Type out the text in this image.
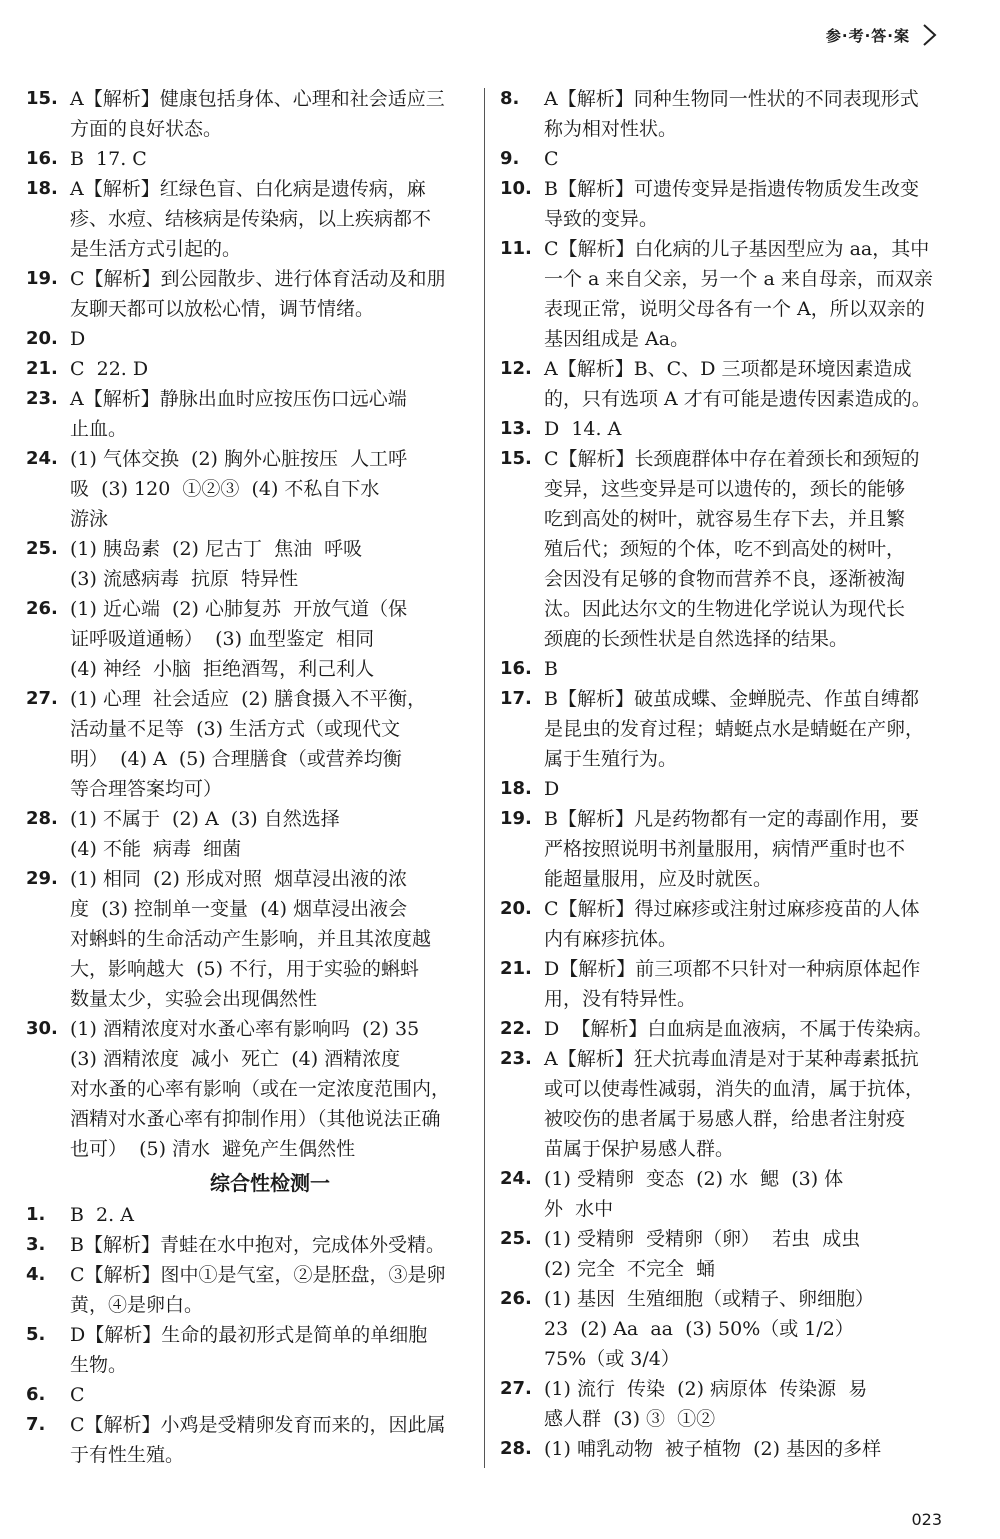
参·考·答·案
15. A【解析】健康包括身体、心理和社会适应三
方面的良好状态。
16. B  17. C
18. A【解析】红绿色盲、白化病是遗传病，麻
疹、水痘、结核病是传染病，以上疾病都不
是生活方式引起的。
19. C【解析】到公园散步、进行体育活动及和朋
友聊天都可以放松心情，调节情绪。
20. D
21. C  22. D
23. A【解析】静脉出血时应按压伤口远心端
止血。
24. (1) 气体交换  (2) 胸外心脏按压  人工呼
吸  (3) 120  ①②③  (4) 不私自下水
游泳
25. (1) 胰岛素  (2) 尼古丁  焦油  呼吸
(3) 流感病毒  抗原  特异性
26. (1) 近心端  (2) 心肺复苏  开放气道（保
证呼吸道通畅）  (3) 血型鉴定  相同
(4) 神经  小脑  拒绝酒驾，利己利人
27. (1) 心理  社会适应  (2) 膳食摄入不平衡，
活动量不足等  (3) 生活方式（或现代文
明）  (4) A  (5) 合理膳食（或营养均衡
等合理答案均可）
28. (1) 不属于  (2) A  (3) 自然选择
(4) 不能  病毒  细菌
29. (1) 相同  (2) 形成对照  烟草浸出液的浓
度  (3) 控制单一变量  (4) 烟草浸出液会
对蝌蚪的生命活动产生影响，并且其浓度越
大，影响越大  (5) 不行，用于实验的蝌蚪
数量太少，实验会出现偶然性
30. (1) 酒精浓度对水蚤心率有影响吗  (2) 35
(3) 酒精浓度  减小  死亡  (4) 酒精浓度
对水蚤的心率有影响（或在一定浓度范围内，
酒精对水蚤心率有抑制作用）（其他说法正确
也可）  (5) 清水  避免产生偶然性
综合性检测一
1. B  2. A
3. B【解析】青蛙在水中抱对，完成体外受精。
4. C【解析】图中①是气室，②是胚盘，③是卵
黄，④是卵白。
5. D【解析】生命的最初形式是简单的单细胞
生物。
6. C
7. C【解析】小鸡是受精卵发育而来的，因此属
于有性生殖。
8. A【解析】同种生物同一性状的不同表现形式
称为相对性状。
9. C
10. B【解析】可遗传变异是指遗传物质发生改变
导致的变异。
11. C【解析】白化病的儿子基因型应为 aa，其中
一个 a 来自父亲，另一个 a 来自母亲，而双亲
表现正常，说明父母各有一个 A，所以双亲的
基因组成是 Aa。
12. A【解析】B、C、D 三项都是环境因素造成
的，只有选项 A 才有可能是遗传因素造成的。
13. D  14. A
15. C【解析】长颈鹿群体中存在着颈长和颈短的
变异，这些变异是可以遗传的，颈长的能够
吃到高处的树叶，就容易生存下去，并且繁
殖后代；颈短的个体，吃不到高处的树叶，
会因没有足够的食物而营养不良，逐渐被淘
汰。因此达尔文的生物进化学说认为现代长
颈鹿的长颈性状是自然选择的结果。
16. B
17. B【解析】破茧成蝶、金蝉脱壳、作茧自缚都
是昆虫的发育过程；蜻蜓点水是蜻蜓在产卵，
属于生殖行为。
18. D
19. B【解析】凡是药物都有一定的毒副作用，要
严格按照说明书剂量服用，病情严重时也不
能超量服用，应及时就医。
20. C【解析】得过麻疹或注射过麻疹疫苗的人体
内有麻疹抗体。
21. D【解析】前三项都不只针对一种病原体起作
用，没有特异性。
22. D  【解析】白血病是血液病，不属于传染病。
23. A【解析】狂犬抗毒血清是对于某种毒素抵抗
或可以使毒性减弱，消失的血清，属于抗体，
被咬伤的患者属于易感人群，给患者注射疫
苗属于保护易感人群。
24. (1) 受精卵  变态  (2) 水  鳃  (3) 体
外  水中
25. (1) 受精卵  受精卵（卵）  若虫  成虫
(2) 完全  不完全  蛹
26. (1) 基因  生殖细胞（或精子、卵细胞）
23  (2) Aa  aa  (3) 50%（或 1/2）
75%（或 3/4）
27. (1) 流行  传染  (2) 病原体  传染源  易
感人群  (3) ③  ①②
28. (1) 哺乳动物  被子植物  (2) 基因的多样
023
